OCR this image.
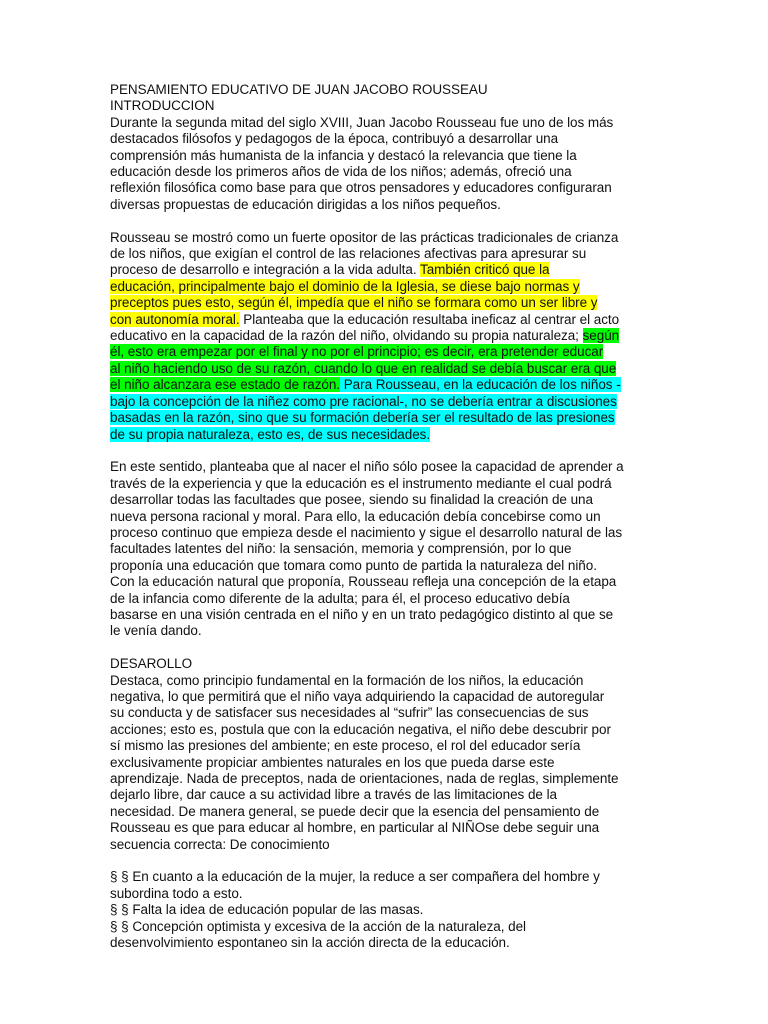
PENSAMIENTO EDUCATIVO DE JUAN JACOBO ROUSSEAU
INTRODUCCION
Durante la segunda mitad del siglo XVIII, Juan Jacobo Rousseau fue uno de los más
destacados filósofos y pedagogos de la época, contribuyó a desarrollar una
comprensión más humanista de la infancia y destacó la relevancia que tiene la
educación desde los primeros años de vida de los niños; además, ofreció una
reflexión filosófica como base para que otros pensadores y educadores configuraran
diversas propuestas de educación dirigidas a los niños pequeños.
Rousseau se mostró como un fuerte opositor de las prácticas tradicionales de crianza
de los niños, que exigían el control de las relaciones afectivas para apresurar su
proceso de desarrollo e integración a la vida adulta. También criticó que la
educación, principalmente bajo el dominio de la Iglesia, se diese bajo normas y
preceptos pues esto, según él, impedía que el niño se formara como un ser libre y
con autonomía moral. Planteaba que la educación resultaba ineficaz al centrar el acto
educativo en la capacidad de la razón del niño, olvidando su propia naturaleza; según
él, esto era empezar por el final y no por el principio; es decir, era pretender educar
al niño haciendo uso de su razón, cuando lo que en realidad se debía buscar era que
el niño alcanzara ese estado de razón. Para Rousseau, en la educación de los niños -
bajo la concepción de la niñez como pre racional-, no se debería entrar a discusiones
basadas en la razón, sino que su formación debería ser el resultado de las presiones
de su propia naturaleza, esto es, de sus necesidades.
En este sentido, planteaba que al nacer el niño sólo posee la capacidad de aprender a
través de la experiencia y que la educación es el instrumento mediante el cual podrá
desarrollar todas las facultades que posee, siendo su finalidad la creación de una
nueva persona racional y moral. Para ello, la educación debía concebirse como un
proceso continuo que empieza desde el nacimiento y sigue el desarrollo natural de las
facultades latentes del niño: la sensación, memoria y comprensión, por lo que
proponía una educación que tomara como punto de partida la naturaleza del niño.
Con la educación natural que proponía, Rousseau refleja una concepción de la etapa
de la infancia como diferente de la adulta; para él, el proceso educativo debía
basarse en una visión centrada en el niño y en un trato pedagógico distinto al que se
le venía dando.
DESAROLLO
Destaca, como principio fundamental en la formación de los niños, la educación
negativa, lo que permitirá que el niño vaya adquiriendo la capacidad de autoregular
su conducta y de satisfacer sus necesidades al “sufrir” las consecuencias de sus
acciones; esto es, postula que con la educación negativa, el niño debe descubrir por
sí mismo las presiones del ambiente; en este proceso, el rol del educador sería
exclusivamente propiciar ambientes naturales en los que pueda darse este
aprendizaje. Nada de preceptos, nada de orientaciones, nada de reglas, simplemente
dejarlo libre, dar cauce a su actividad libre a través de las limitaciones de la
necesidad. De manera general, se puede decir que la esencia del pensamiento de
Rousseau es que para educar al hombre, en particular al NIÑOse debe seguir una
secuencia correcta: De conocimiento
§ § En cuanto a la educación de la mujer, la reduce a ser compañera del hombre y
subordina todo a esto.
§ § Falta la idea de educación popular de las masas.
§ § Concepción optimista y excesiva de la acción de la naturaleza, del
desenvolvimiento espontaneo sin la acción directa de la educación.
